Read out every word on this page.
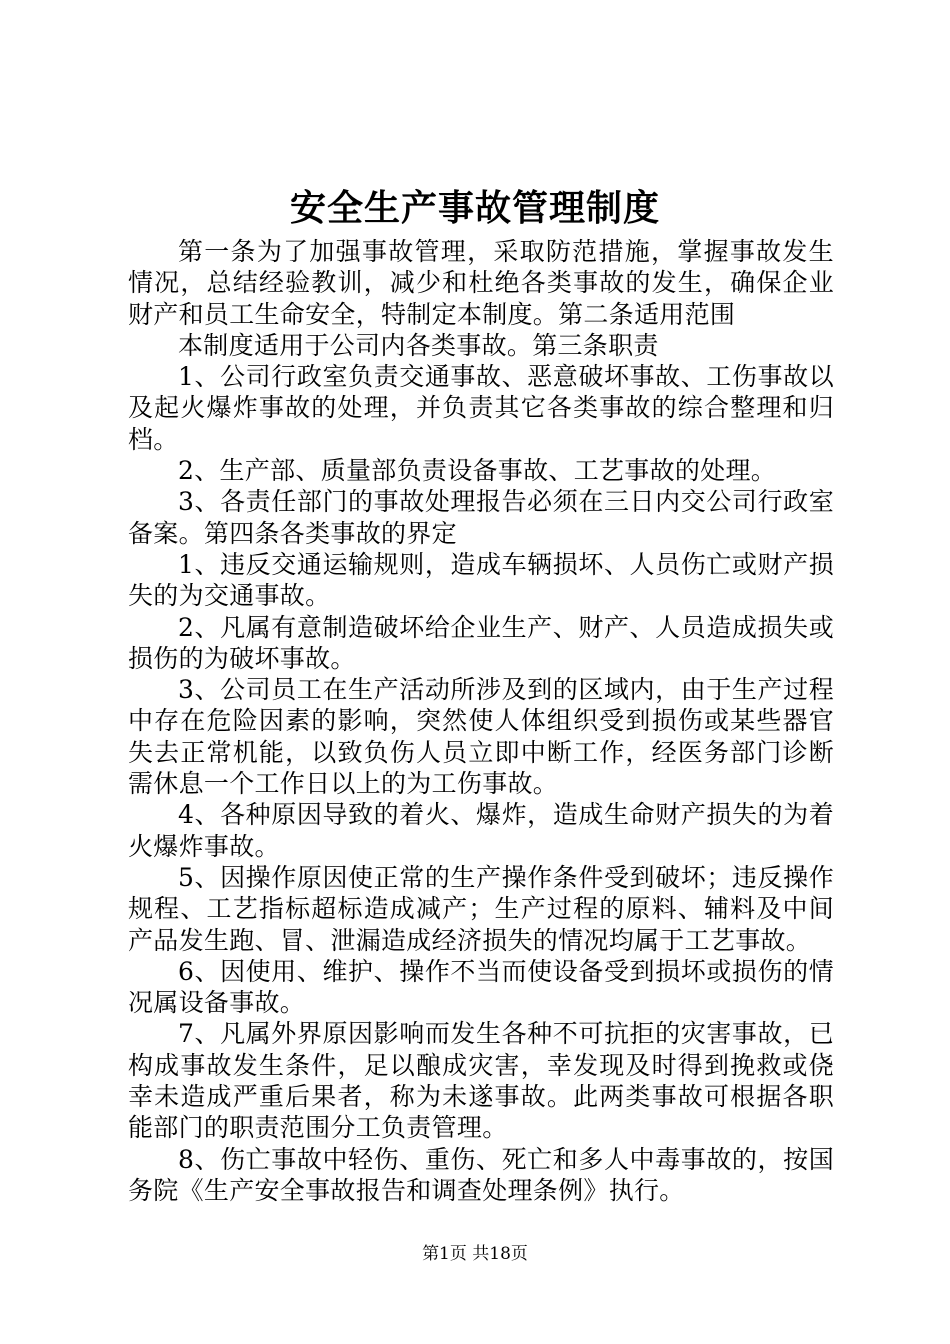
安全生产事故管理制度

第一条为了加强事故管理，采取防范措施，掌握事故发生情况，总结经验教训，减少和杜绝各类事故的发生，确保企业财产和员工生命安全，特制定本制度。第二条适用范围

本制度适用于公司内各类事故。第三条职责

1、公司行政室负责交通事故、恶意破坏事故、工伤事故以及起火爆炸事故的处理，并负责其它各类事故的综合整理和归档。

2、生产部、质量部负责设备事故、工艺事故的处理。

3、各责任部门的事故处理报告必须在三日内交公司行政室备案。第四条各类事故的界定

1、违反交通运输规则，造成车辆损坏、人员伤亡或财产损失的为交通事故。

2、凡属有意制造破坏给企业生产、财产、人员造成损失或损伤的为破坏事故。

3、公司员工在生产活动所涉及到的区域内，由于生产过程中存在危险因素的影响，突然使人体组织受到损伤或某些器官失去正常机能，以致负伤人员立即中断工作，经医务部门诊断需休息一个工作日以上的为工伤事故。

4、各种原因导致的着火、爆炸，造成生命财产损失的为着火爆炸事故。

5、因操作原因使正常的生产操作条件受到破坏；违反操作规程、工艺指标超标造成减产；生产过程的原料、辅料及中间产品发生跑、冒、泄漏造成经济损失的情况均属于工艺事故。

6、因使用、维护、操作不当而使设备受到损坏或损伤的情况属设备事故。

7、凡属外界原因影响而发生各种不可抗拒的灾害事故，已构成事故发生条件，足以酿成灾害，幸发现及时得到挽救或侥幸未造成严重后果者，称为未遂事故。此两类事故可根据各职能部门的职责范围分工负责管理。

8、伤亡事故中轻伤、重伤、死亡和多人中毒事故的，按国务院《生产安全事故报告和调查处理条例》执行。

第1页 共18页
